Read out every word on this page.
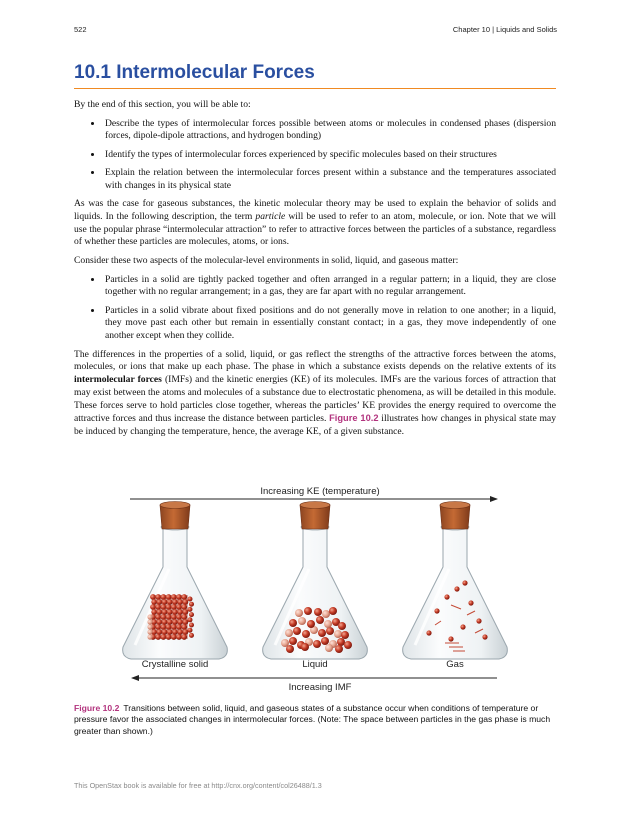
522	Chapter 10 | Liquids and Solids
10.1 Intermolecular Forces

By the end of this section, you will be able to:

• Describe the types of intermolecular forces possible between atoms or molecules in condensed phases (dispersion forces, dipole-dipole attractions, and hydrogen bonding)
• Identify the types of intermolecular forces experienced by specific molecules based on their structures
• Explain the relation between the intermolecular forces present within a substance and the temperatures associated with changes in its physical state

As was the case for gaseous substances, the kinetic molecular theory may be used to explain the behavior of solids and liquids. In the following description, the term particle will be used to refer to an atom, molecule, or ion. Note that we will use the popular phrase “intermolecular attraction” to refer to attractive forces between the particles of a substance, regardless of whether these particles are molecules, atoms, or ions.

Consider these two aspects of the molecular-level environments in solid, liquid, and gaseous matter:

• Particles in a solid are tightly packed together and often arranged in a regular pattern; in a liquid, they are close together with no regular arrangement; in a gas, they are far apart with no regular arrangement.
• Particles in a solid vibrate about fixed positions and do not generally move in relation to one another; in a liquid, they move past each other but remain in essentially constant contact; in a gas, they move independently of one another except when they collide.

The differences in the properties of a solid, liquid, or gas reflect the strengths of the attractive forces between the atoms, molecules, or ions that make up each phase. The phase in which a substance exists depends on the relative extents of its intermolecular forces (IMFs) and the kinetic energies (KE) of its molecules. IMFs are the various forces of attraction that may exist between the atoms and molecules of a substance due to electrostatic phenomena, as will be detailed in this module. These forces serve to hold particles close together, whereas the particles’ KE provides the energy required to overcome the attractive forces and thus increase the distance between particles. Figure 10.2 illustrates how changes in physical state may be induced by changing the temperature, hence, the average KE, of a given substance.

Increasing KE (temperature)
Crystalline solid	Liquid	Gas
Increasing IMF
Figure 10.2 Transitions between solid, liquid, and gaseous states of a substance occur when conditions of temperature or pressure favor the associated changes in intermolecular forces. (Note: The space between particles in the gas phase is much greater than shown.)
This OpenStax book is available for free at http://cnx.org/content/col26488/1.3
